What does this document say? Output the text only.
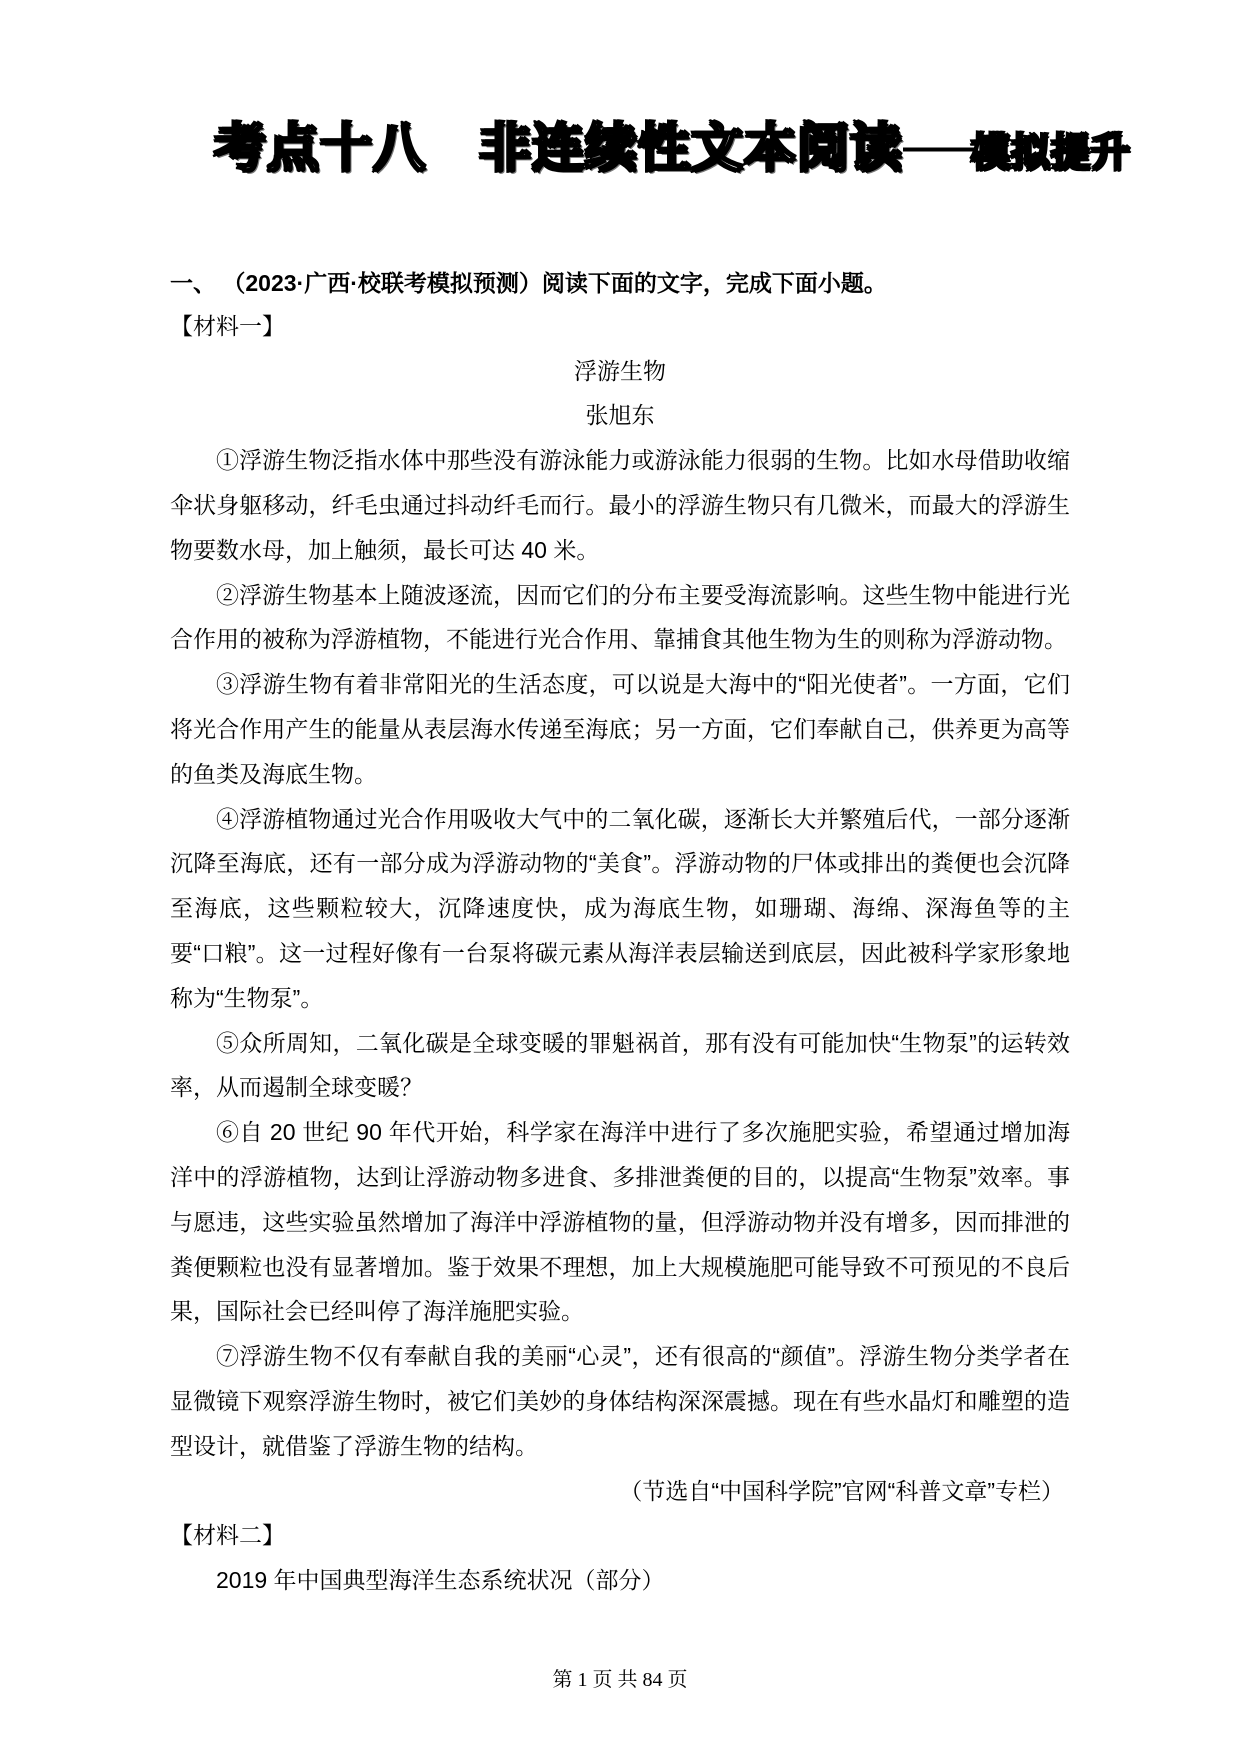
考点十八　非连续性文本阅读——模拟提升
一、 （2023·广西·校联考模拟预测）阅读下面的文字，完成下面小题。
【材料一】
浮游生物
张旭东

①浮游生物泛指水体中那些没有游泳能力或游泳能力很弱的生物。比如水母借助收缩伞状身躯移动，纤毛虫通过抖动纤毛而行。最小的浮游生物只有几微米，而最大的浮游生物要数水母，加上触须，最长可达 40 米。

②浮游生物基本上随波逐流，因而它们的分布主要受海流影响。这些生物中能进行光合作用的被称为浮游植物，不能进行光合作用、靠捕食其他生物为生的则称为浮游动物。

③浮游生物有着非常阳光的生活态度，可以说是大海中的“阳光使者”。一方面，它们将光合作用产生的能量从表层海水传递至海底；另一方面，它们奉献自己，供养更为高等的鱼类及海底生物。

④浮游植物通过光合作用吸收大气中的二氧化碳，逐渐长大并繁殖后代，一部分逐渐沉降至海底，还有一部分成为浮游动物的“美食”。浮游动物的尸体或排出的粪便也会沉降至海底，这些颗粒较大，沉降速度快，成为海底生物，如珊瑚、海绵、深海鱼等的主要“口粮”。这一过程好像有一台泵将碳元素从海洋表层输送到底层，因此被科学家形象地称为“生物泵”。

⑤众所周知，二氧化碳是全球变暖的罪魁祸首，那有没有可能加快“生物泵”的运转效率，从而遏制全球变暖？

⑥自 20 世纪 90 年代开始，科学家在海洋中进行了多次施肥实验，希望通过增加海洋中的浮游植物，达到让浮游动物多进食、多排泄粪便的目的，以提高“生物泵”效率。事与愿违，这些实验虽然增加了海洋中浮游植物的量，但浮游动物并没有增多，因而排泄的粪便颗粒也没有显著增加。鉴于效果不理想，加上大规模施肥可能导致不可预见的不良后果，国际社会已经叫停了海洋施肥实验。

⑦浮游生物不仅有奉献自我的美丽“心灵”，还有很高的“颜值”。浮游生物分类学者在显微镜下观察浮游生物时，被它们美妙的身体结构深深震撼。现在有些水晶灯和雕塑的造型设计，就借鉴了浮游生物的结构。

（节选自“中国科学院”官网“科普文章”专栏）
【材料二】
2019 年中国典型海洋生态系统状况（部分）
第 1 页 共 84 页
